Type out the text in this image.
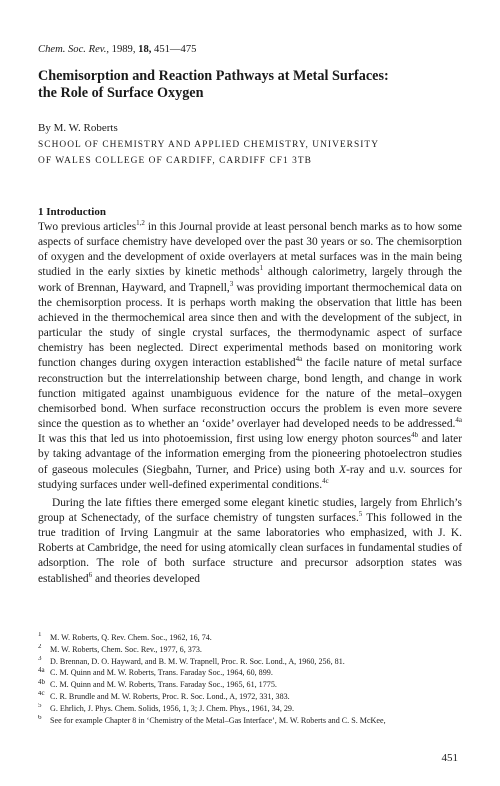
Chem. Soc. Rev., 1989, 18, 451—475
Chemisorption and Reaction Pathways at Metal Surfaces:
the Role of Surface Oxygen
By M. W. Roberts
SCHOOL OF CHEMISTRY AND APPLIED CHEMISTRY, UNIVERSITY
OF WALES COLLEGE OF CARDIFF, CARDIFF CF1 3TB
1 Introduction

Two previous articles$^{1,2}$ in this Journal provide at least personal bench marks as to how some aspects of surface chemistry have developed over the past 30 years or so. The chemisorption of oxygen and the development of oxide overlayers at metal surfaces was in the main being studied in the early sixties by kinetic methods$^1$ although calorimetry, largely through the work of Brennan, Hayward, and Trapnell,$^3$ was providing important thermochemical data on the chemisorption process. It is perhaps worth making the observation that little has been achieved in the thermochemical area since then and with the development of the subject, in particular the study of single crystal surfaces, the thermodynamic aspect of surface chemistry has been neglected. Direct experimental methods based on monitoring work function changes during oxygen interaction established$^{4a}$ the facile nature of metal surface reconstruction but the interrelationship between charge, bond length, and change in work function mitigated against unambiguous evidence for the nature of the metal–oxygen chemisorbed bond. When surface reconstruction occurs the problem is even more severe since the question as to whether an ‘oxide’ overlayer had developed needs to be addressed.$^{4a}$ It was this that led us into photoemission, first using low energy photon sources$^{4b}$ and later by taking advantage of the information emerging from the pioneering photoelectron studies of gaseous molecules (Siegbahn, Turner, and Price) using both X-ray and u.v. sources for studying surfaces under well-defined experimental conditions.$^{4c}$

During the late fifties there emerged some elegant kinetic studies, largely from Ehrlich’s group at Schenectady, of the surface chemistry of tungsten surfaces.$^5$ This followed in the true tradition of Irving Langmuir at the same laboratories who emphasized, with J. K. Roberts at Cambridge, the need for using atomically clean surfaces in fundamental studies of adsorption. The role of both surface structure and precursor adsorption states was established$^6$ and theories developed

$^1$ M. W. Roberts, Q. Rev. Chem. Soc., 1962, 16, 74.
$^2$ M. W. Roberts, Chem. Soc. Rev., 1977, 6, 373.
$^3$ D. Brennan, D. O. Hayward, and B. M. W. Trapnell, Proc. R. Soc. Lond., A, 1960, 256, 81.
$^{4a}$ C. M. Quinn and M. W. Roberts, Trans. Faraday Soc., 1964, 60, 899.
$^{4b}$ C. M. Quinn and M. W. Roberts, Trans. Faraday Soc., 1965, 61, 1775.
$^{4c}$ C. R. Brundle and M. W. Roberts, Proc. R. Soc. Lond., A, 1972, 331, 383.
$^5$ G. Ehrlich, J. Phys. Chem. Solids, 1956, 1, 3; J. Chem. Phys., 1961, 34, 29.
$^6$ See for example Chapter 8 in ‘Chemistry of the Metal–Gas Interface’, M. W. Roberts and C. S. McKee,
451
